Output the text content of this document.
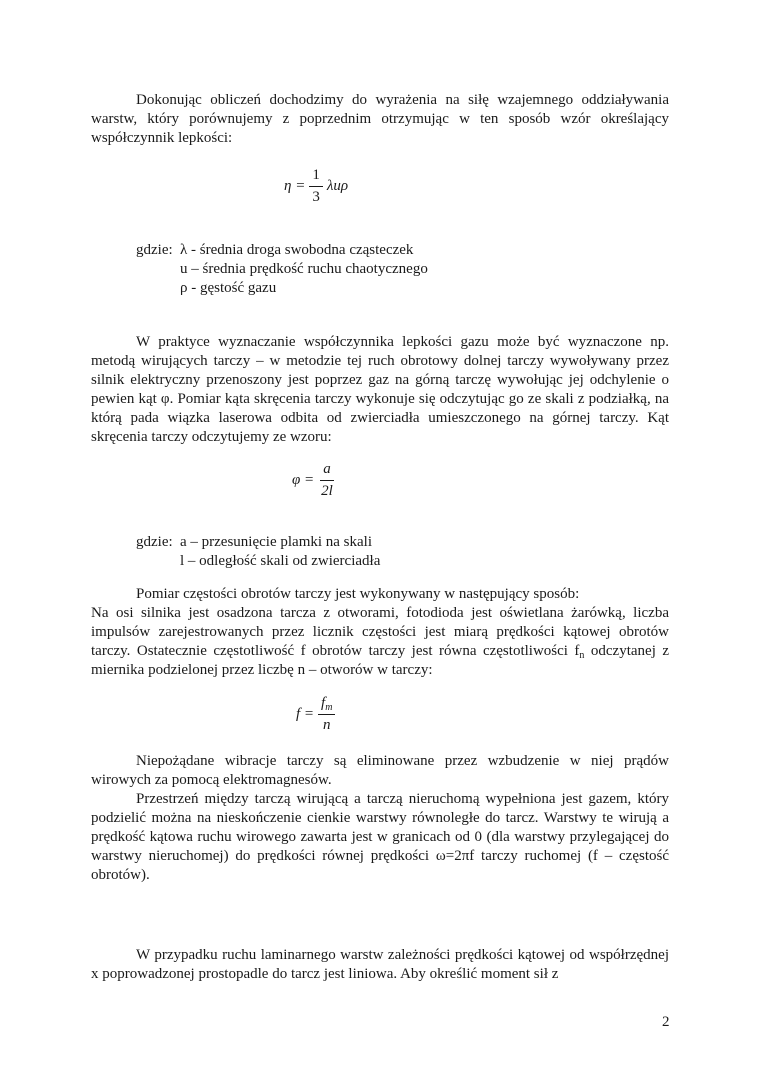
Dokonując obliczeń dochodzimy do wyrażenia na siłę wzajemnego oddziaływania warstw, który porównujemy z poprzednim otrzymując w ten sposób wzór określający współczynnik lepkości:

$\eta = \frac{1}{3}$ λuρ
gdzie: λ - średnia droga swobodna cząsteczek
u – średnia prędkość ruchu chaotycznego
ρ - gęstość gazu

W praktyce wyznaczanie współczynnika lepkości gazu może być wyznaczone np. metodą wirujących tarczy – w metodzie tej ruch obrotowy dolnej tarczy wywoływany przez silnik elektryczny przenoszony jest poprzez gaz na górną tarczę wywołując jej odchylenie o pewien kąt φ. Pomiar kąta skręcenia tarczy wykonuje się odczytując go ze skali z podziałką, na którą pada wiązka laserowa odbita od zwierciadła umieszczonego na górnej tarczy. Kąt skręcenia tarczy odczytujemy ze wzoru:

$\varphi = \frac{a}{2l}$
gdzie: a – przesunięcie plamki na skali
l – odległość skali od zwierciadła

Pomiar częstości obrotów tarczy jest wykonywany w następujący sposób:

Na osi silnika jest osadzona tarcza z otworami, fotodioda jest oświetlana żarówką, liczba impulsów zarejestrowanych przez licznik częstości jest miarą prędkości kątowej obrotów tarczy. Ostatecznie częstotliwość f obrotów tarczy jest równa częstotliwości $f_n$ odczytanej z miernika podzielonej przez liczbę n – otworów w tarczy:

$f = \frac{f_m}{n}$

Niepożądane wibracje tarczy są eliminowane przez wzbudzenie w niej prądów wirowych za pomocą elektromagnesów.

Przestrzeń między tarczą wirującą a tarczą nieruchomą wypełniona jest gazem, który podzielić można na nieskończenie cienkie warstwy równoległe do tarcz. Warstwy te wirują a prędkość kątowa ruchu wirowego zawarta jest w granicach od 0 (dla warstwy przylegającej do warstwy nieruchomej) do prędkości równej prędkości ω=2πf tarczy ruchomej (f – częstość obrotów).

W przypadku ruchu laminarnego warstw zależności prędkości kątowej od współrzędnej x poprowadzonej prostopadle do tarcz jest liniowa. Aby określić moment sił z

2
